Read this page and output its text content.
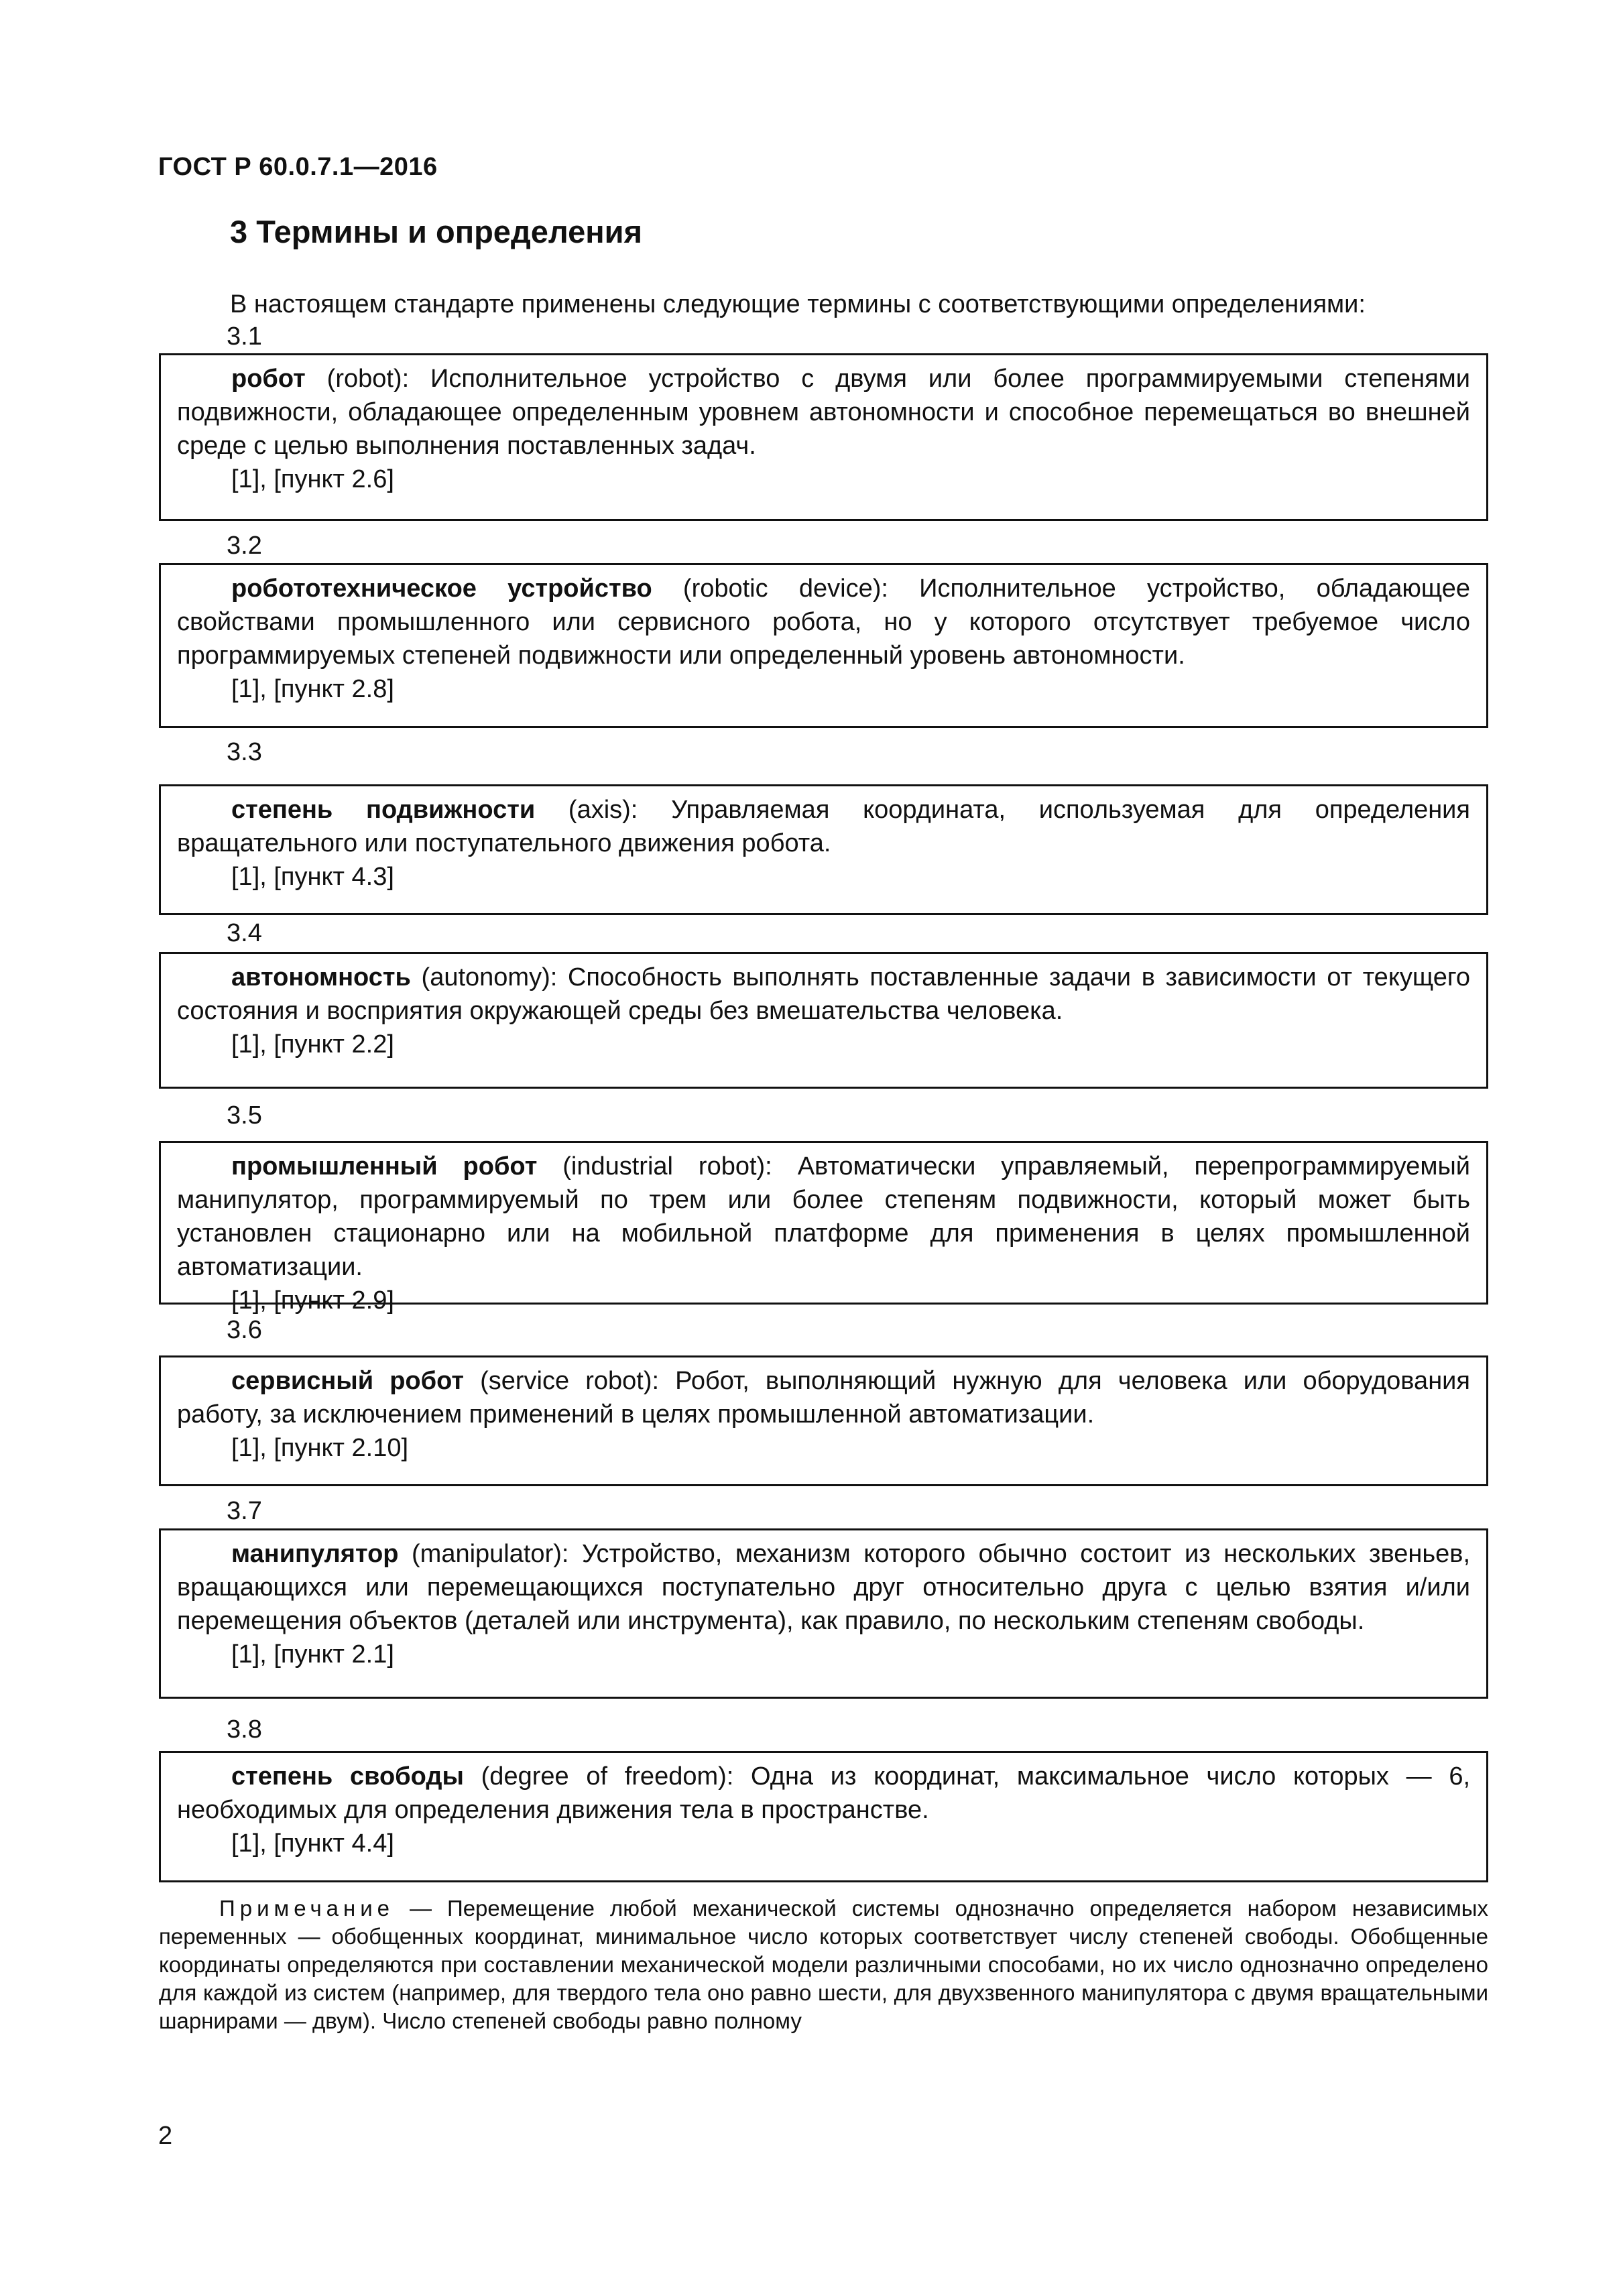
ГОСТ Р 60.0.7.1—2016
3 Термины и определения
В настоящем стандарте применены следующие термины с соответствующими определениями:
3.1

робот (robot): Исполнительное устройство с двумя или более программируемыми степенями подвижности, обладающее определенным уровнем автономности и способное перемещаться во внешней среде с целью выполнения поставленных задач.

[1], [пункт 2.6]

3.2

робототехническое устройство (robotic device): Исполнительное устройство, обладающее свойствами промышленного или сервисного робота, но у которого отсутствует требуемое число программируемых степеней подвижности или определенный уровень автономности.

[1], [пункт 2.8]

3.3

степень подвижности (axis): Управляемая координата, используемая для определения вращательного или поступательного движения робота.

[1], [пункт 4.3]

3.4

автономность (autonomy): Способность выполнять поставленные задачи в зависимости от текущего состояния и восприятия окружающей среды без вмешательства человека.

[1], [пункт 2.2]

3.5

промышленный робот (industrial robot): Автоматически управляемый, перепрограммируемый манипулятор, программируемый по трем или более степеням подвижности, который может быть установлен стационарно или на мобильной платформе для применения в целях промышленной автоматизации.

[1], [пункт 2.9]

3.6

сервисный робот (service robot): Робот, выполняющий нужную для человека или оборудования работу, за исключением применений в целях промышленной автоматизации.

[1], [пункт 2.10]

3.7

манипулятор (manipulator): Устройство, механизм которого обычно состоит из нескольких звеньев, вращающихся или перемещающихся поступательно друг относительно друга с целью взятия и/или перемещения объектов (деталей или инструмента), как правило, по нескольким степеням свободы.

[1], [пункт 2.1]

3.8

степень свободы (degree of freedom): Одна из координат, максимальное число которых — 6, необходимых для определения движения тела в пространстве.

[1], [пункт 4.4]

Примечание — Перемещение любой механической системы однозначно определяется набором независимых переменных — обобщенных координат, минимальное число которых соответствует числу степеней свободы. Обобщенные координаты определяются при составлении механической модели различными способами, но их число однозначно определено для каждой из систем (например, для твердого тела оно равно шести, для двухзвенного манипулятора с двумя вращательными шарнирами — двум). Число степеней свободы равно полному

2
